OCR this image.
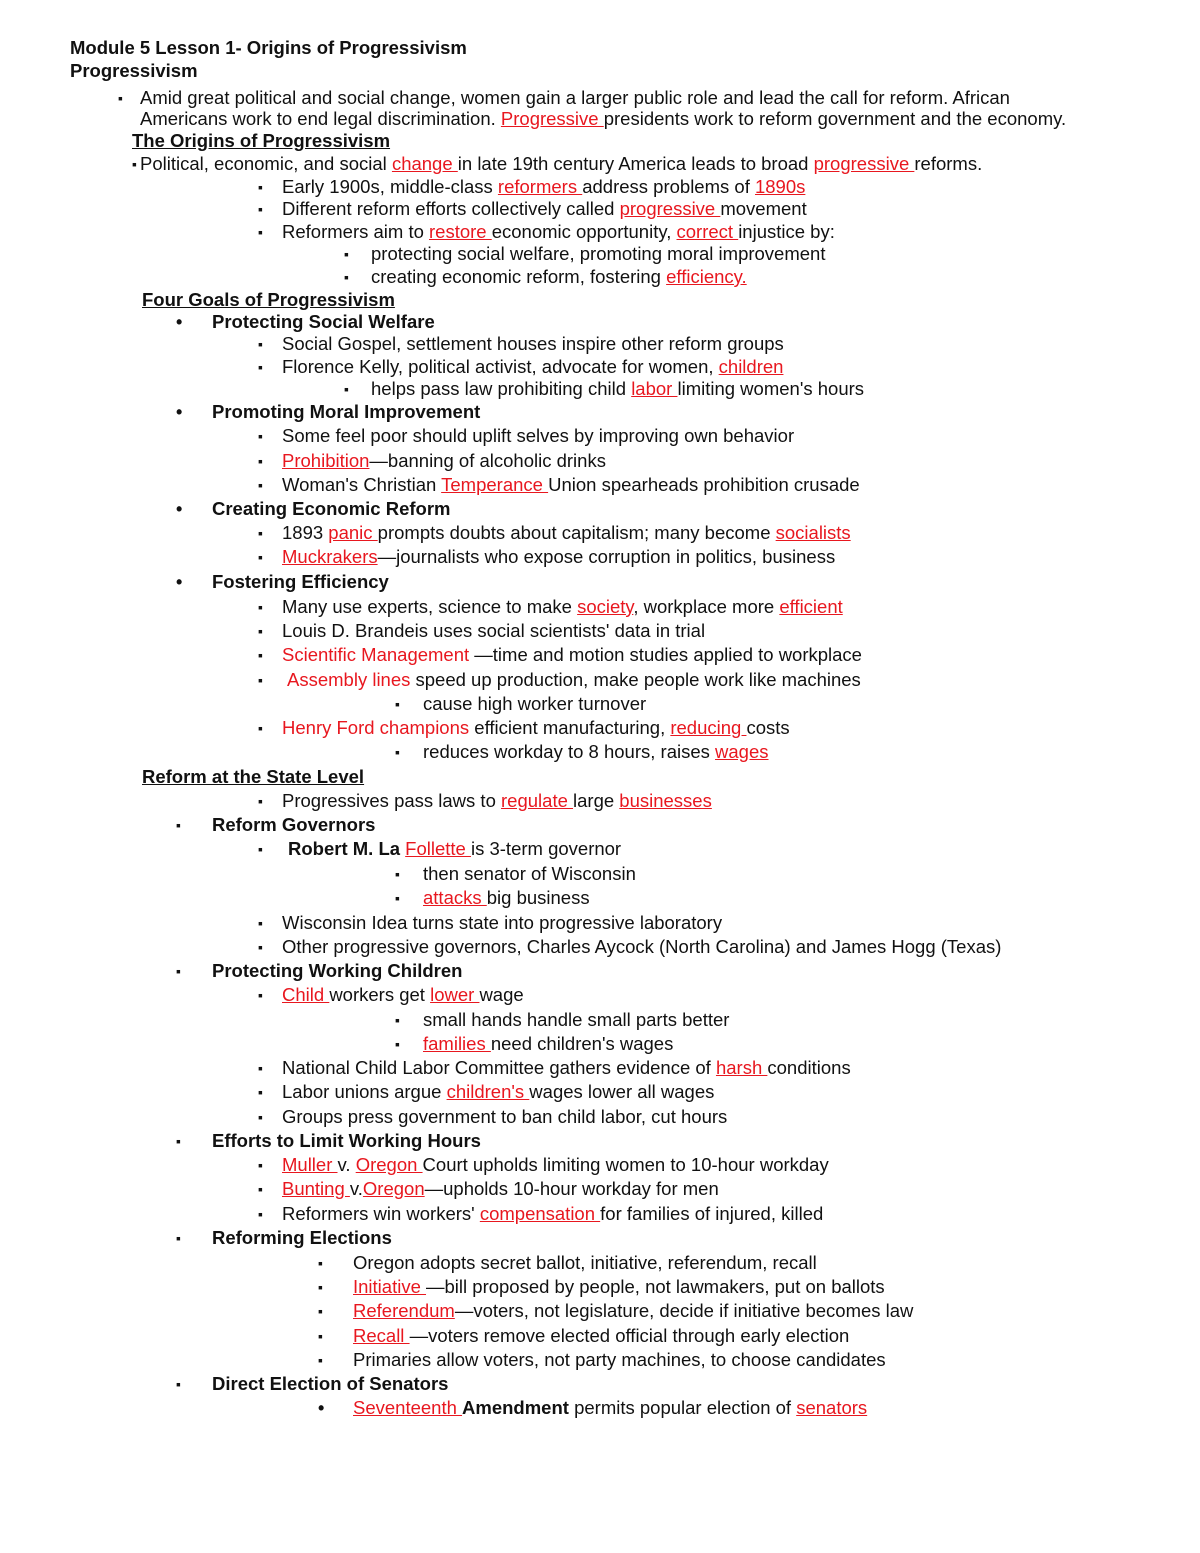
Module 5 Lesson 1- Origins of Progressivism
Progressivism
▪ Amid great political and social change, women gain a larger public role and lead the call for reform. African
Americans work to end legal discrimination. Progressive presidents work to reform government and the economy.
The Origins of Progressivism
▪ Political, economic, and social change in late 19th century America leads to broad progressive reforms.
▪ Early 1900s, middle-class reformers address problems of 1890s
▪ Different reform efforts collectively called progressive movement
▪ Reformers aim to restore economic opportunity, correct injustice by:
▪ protecting social welfare, promoting moral improvement
▪ creating economic reform, fostering efficiency.
Four Goals of Progressivism
• Protecting Social Welfare
▪ Social Gospel, settlement houses inspire other reform groups
▪ Florence Kelly, political activist, advocate for women, children
▪ helps pass law prohibiting child labor limiting women's hours
• Promoting Moral Improvement
▪ Some feel poor should uplift selves by improving own behavior
▪ Prohibition—banning of alcoholic drinks
▪ Woman's Christian Temperance Union spearheads prohibition crusade
• Creating Economic Reform
▪ 1893 panic prompts doubts about capitalism; many become socialists
▪ Muckrakers—journalists who expose corruption in politics, business
• Fostering Efficiency
▪ Many use experts, science to make society, workplace more efficient
▪ Louis D. Brandeis uses social scientists' data in trial
▪ Scientific Management —time and motion studies applied to workplace
▪ Assembly lines speed up production, make people work like machines
▪ cause high worker turnover
▪ Henry Ford champions efficient manufacturing, reducing costs
▪ reduces workday to 8 hours, raises wages
Reform at the State Level
▪ Progressives pass laws to regulate large businesses
▪ Reform Governors
▪ Robert M. La Follette is 3-term governor
▪ then senator of Wisconsin
▪ attacks big business
▪ Wisconsin Idea turns state into progressive laboratory
▪ Other progressive governors, Charles Aycock (North Carolina) and James Hogg (Texas)
▪ Protecting Working Children
▪ Child workers get lower wage
▪ small hands handle small parts better
▪ families need children's wages
▪ National Child Labor Committee gathers evidence of harsh conditions
▪ Labor unions argue children's wages lower all wages
▪ Groups press government to ban child labor, cut hours
▪ Efforts to Limit Working Hours
▪ Muller v. Oregon Court upholds limiting women to 10-hour workday
▪ Bunting v.Oregon—upholds 10-hour workday for men
▪ Reformers win workers' compensation for families of injured, killed
▪ Reforming Elections
▪ Oregon adopts secret ballot, initiative, referendum, recall
▪ Initiative —bill proposed by people, not lawmakers, put on ballots
▪ Referendum—voters, not legislature, decide if initiative becomes law
▪ Recall —voters remove elected official through early election
▪ Primaries allow voters, not party machines, to choose candidates
▪ Direct Election of Senators
• Seventeenth Amendment permits popular election of senators
